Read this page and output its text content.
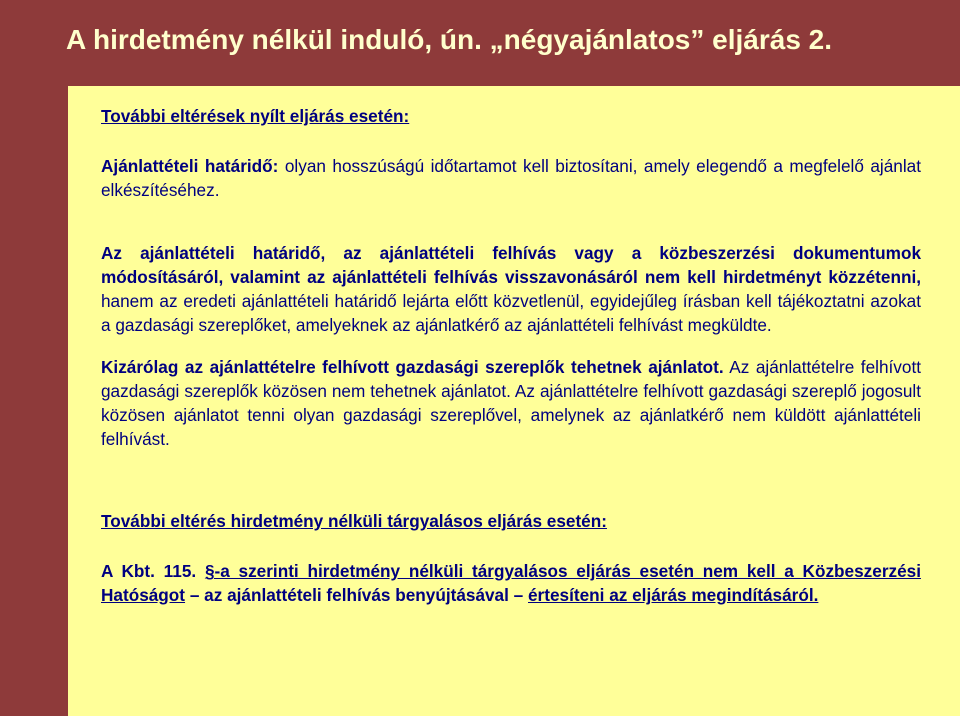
A hirdetmény nélkül induló, ún. „négyajánlatos” eljárás 2.

További eltérések nyílt eljárás esetén:

Ajánlattételi határidő: olyan hosszúságú időtartamot kell biztosítani, amely elegendő a megfelelő ajánlat elkészítéséhez.

Az ajánlattételi határidő, az ajánlattételi felhívás vagy a közbeszerzési dokumentumok módosításáról, valamint az ajánlattételi felhívás visszavonásáról nem kell hirdetményt közzétenni, hanem az eredeti ajánlattételi határidő lejárta előtt közvetlenül, egyidejűleg írásban kell tájékoztatni azokat a gazdasági szereplőket, amelyeknek az ajánlatkérő az ajánlattételi felhívást megküldte.

Kizárólag az ajánlattételre felhívott gazdasági szereplők tehetnek ajánlatot. Az ajánlattételre felhívott gazdasági szereplők közösen nem tehetnek ajánlatot. Az ajánlattételre felhívott gazdasági szereplő jogosult közösen ajánlatot tenni olyan gazdasági szereplővel, amelynek az ajánlatkérő nem küldött ajánlattételi felhívást.

További eltérés hirdetmény nélküli tárgyalásos eljárás esetén:

A Kbt. 115. §-a szerinti hirdetmény nélküli tárgyalásos eljárás esetén nem kell a Közbeszerzési Hatóságot – az ajánlattételi felhívás benyújtásával – értesíteni az eljárás megindításáról.
